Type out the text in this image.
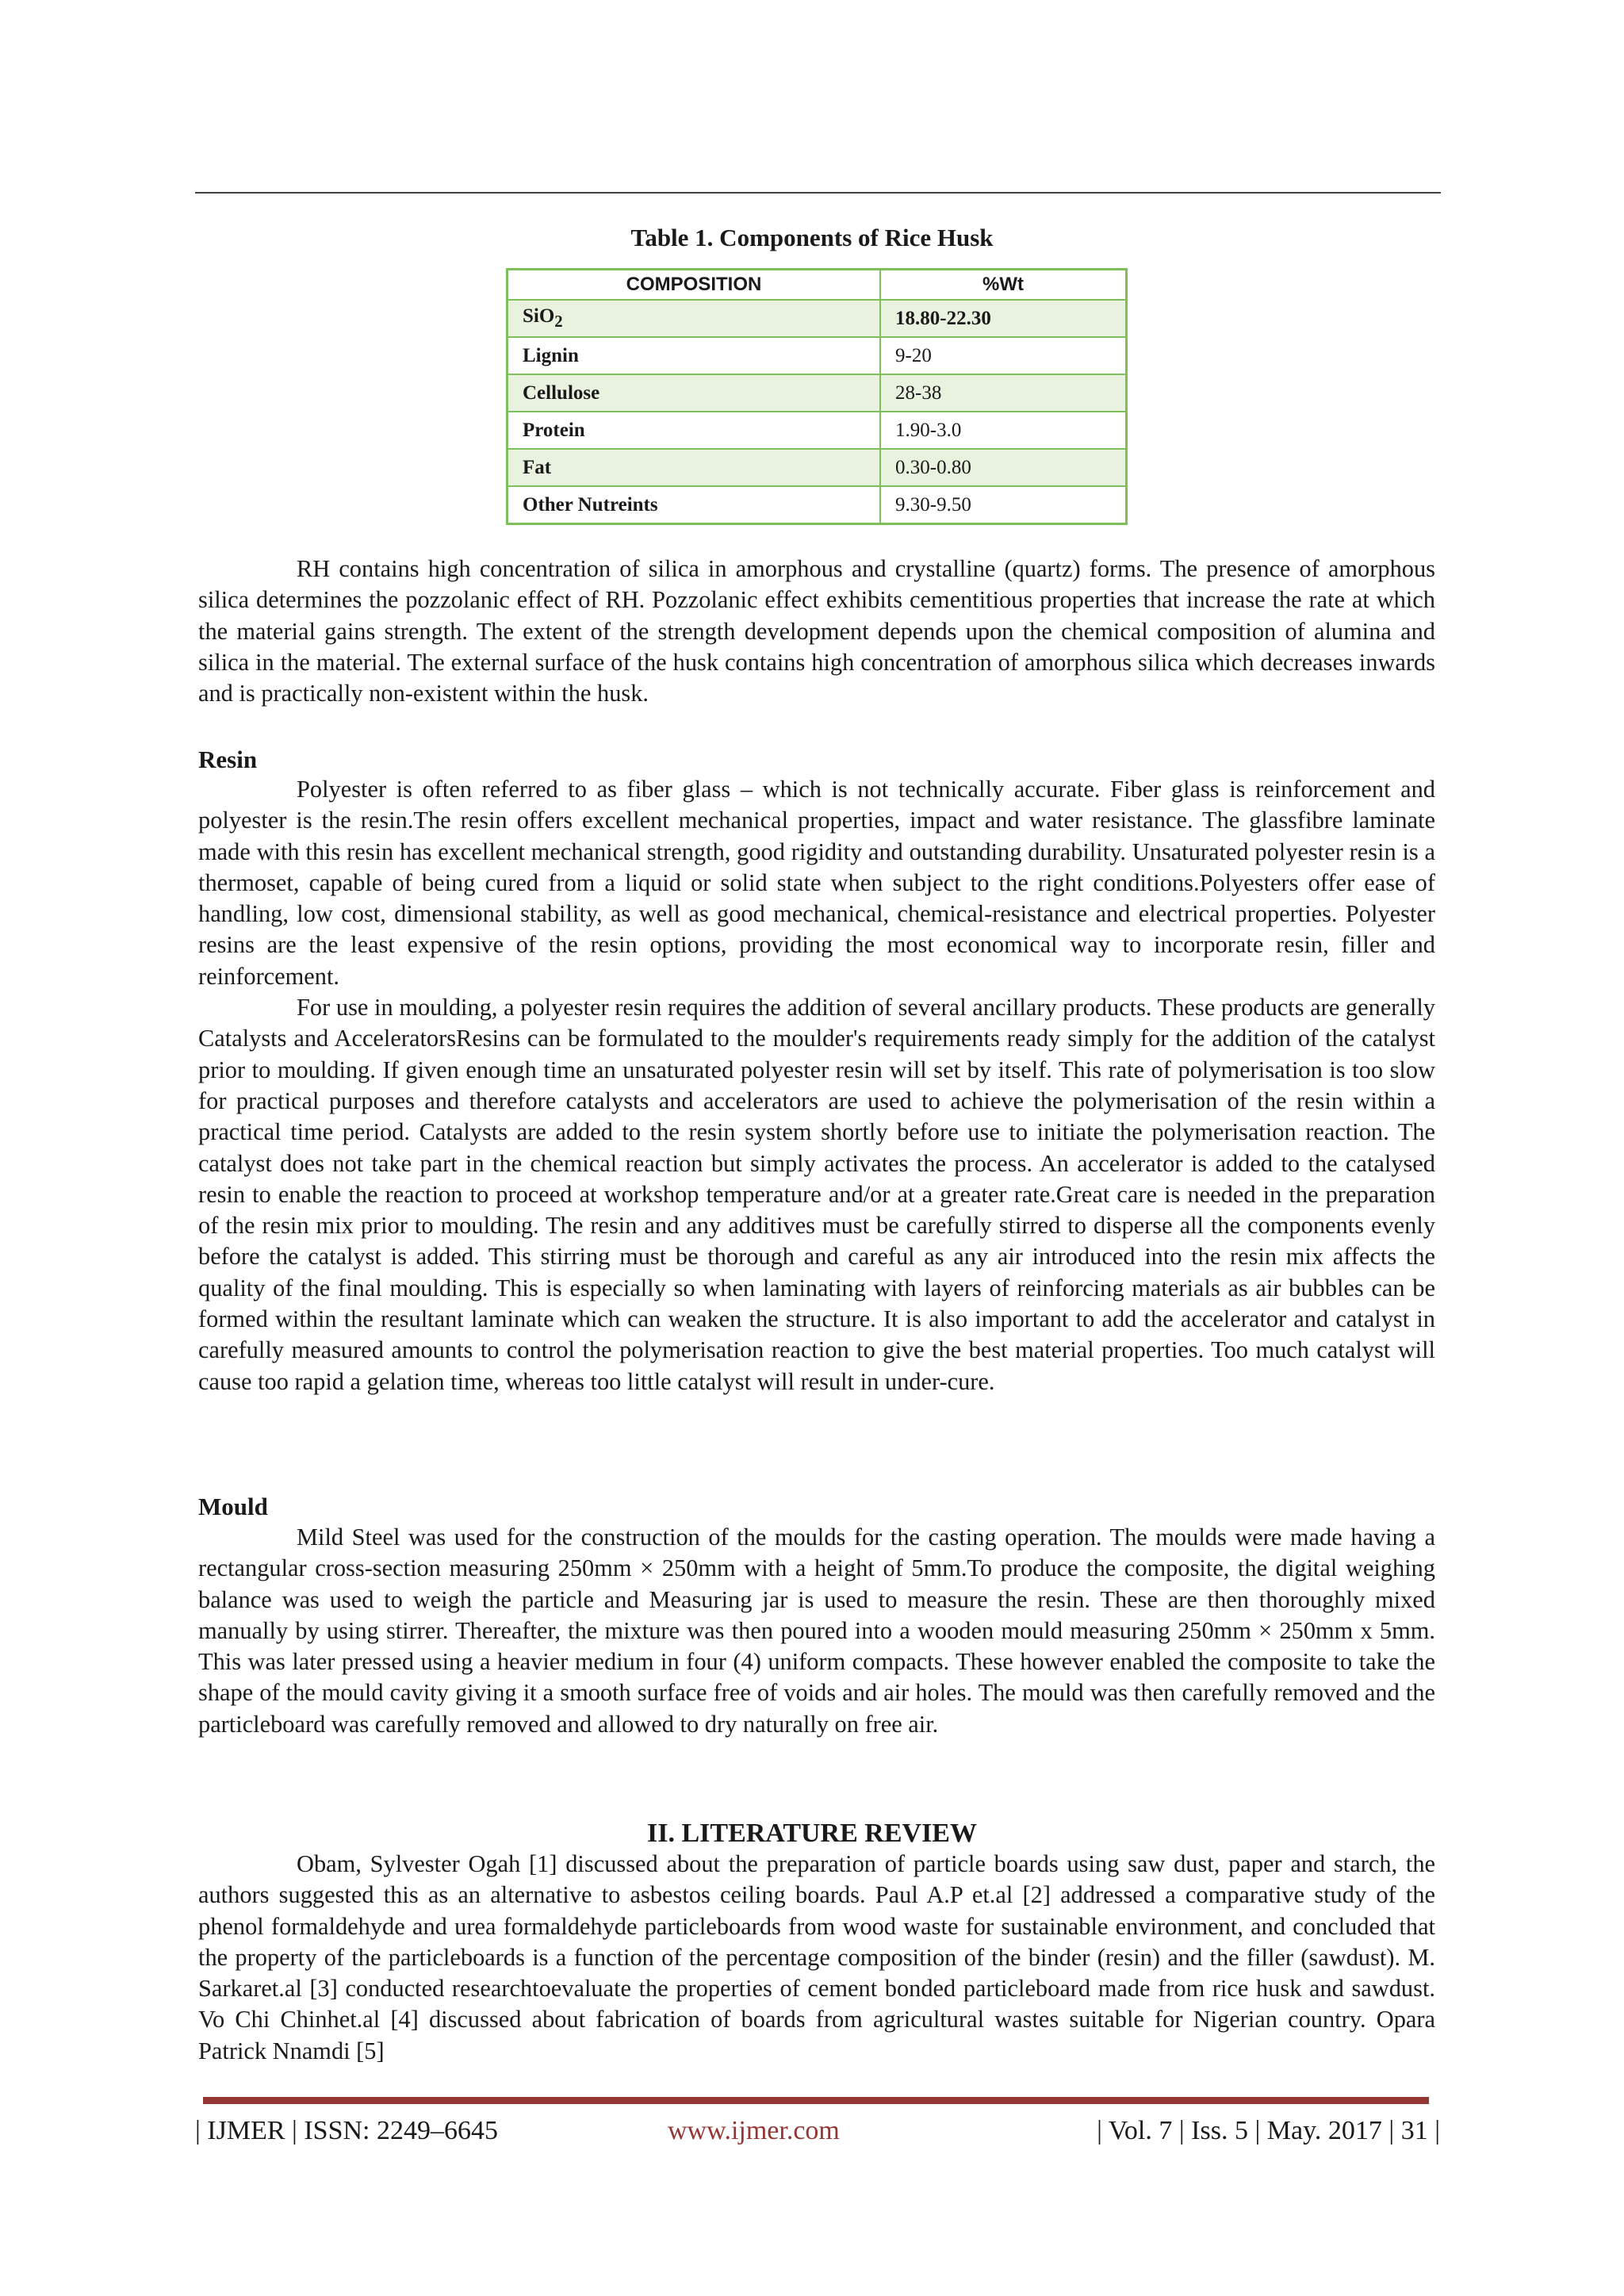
Table 1. Components of Rice Husk
COMPOSITION	%Wt
SiO$_2$	18.80-22.30
Lignin	9-20
Cellulose	28-38
Protein	1.90-3.0
Fat	0.30-0.80
Other Nutreints	9.30-9.50

RH contains high concentration of silica in amorphous and crystalline (quartz) forms. The presence of amorphous silica determines the pozzolanic effect of RH. Pozzolanic effect exhibits cementitious properties that increase the rate at which the material gains strength. The extent of the strength development depends upon the chemical composition of alumina and silica in the material. The external surface of the husk contains high concentration of amorphous silica which decreases inwards and is practically non-existent within the husk.

Resin

Polyester is often referred to as fiber glass – which is not technically accurate. Fiber glass is reinforcement and polyester is the resin.The resin offers excellent mechanical properties, impact and water resistance. The glassfibre laminate made with this resin has excellent mechanical strength, good rigidity and outstanding durability. Unsaturated polyester resin is a thermoset, capable of being cured from a liquid or solid state when subject to the right conditions.Polyesters offer ease of handling, low cost, dimensional stability, as well as good mechanical, chemical-resistance and electrical properties. Polyester resins are the least expensive of the resin options, providing the most economical way to incorporate resin, filler and reinforcement.

For use in moulding, a polyester resin requires the addition of several ancillary products. These products are generally Catalysts and AcceleratorsResins can be formulated to the moulder's requirements ready simply for the addition of the catalyst prior to moulding. If given enough time an unsaturated polyester resin will set by itself. This rate of polymerisation is too slow for practical purposes and therefore catalysts and accelerators are used to achieve the polymerisation of the resin within a practical time period. Catalysts are added to the resin system shortly before use to initiate the polymerisation reaction. The catalyst does not take part in the chemical reaction but simply activates the process. An accelerator is added to the catalysed resin to enable the reaction to proceed at workshop temperature and/or at a greater rate.Great care is needed in the preparation of the resin mix prior to moulding. The resin and any additives must be carefully stirred to disperse all the components evenly before the catalyst is added. This stirring must be thorough and careful as any air introduced into the resin mix affects the quality of the final moulding. This is especially so when laminating with layers of reinforcing materials as air bubbles can be formed within the resultant laminate which can weaken the structure. It is also important to add the accelerator and catalyst in carefully measured amounts to control the polymerisation reaction to give the best material properties. Too much catalyst will cause too rapid a gelation time, whereas too little catalyst will result in under-cure.

Mould

Mild Steel was used for the construction of the moulds for the casting operation. The moulds were made having a rectangular cross-section measuring 250mm × 250mm with a height of 5mm.To produce the composite, the digital weighing balance was used to weigh the particle and Measuring jar is used to measure the resin. These are then thoroughly mixed manually by using stirrer. Thereafter, the mixture was then poured into a wooden mould measuring 250mm × 250mm x 5mm. This was later pressed using a heavier medium in four (4) uniform compacts. These however enabled the composite to take the shape of the mould cavity giving it a smooth surface free of voids and air holes. The mould was then carefully removed and the particleboard was carefully removed and allowed to dry naturally on free air.

II. LITERATURE REVIEW

Obam, Sylvester Ogah [1] discussed about the preparation of particle boards using saw dust, paper and starch, the authors suggested this as an alternative to asbestos ceiling boards. Paul A.P et.al [2] addressed a comparative study of the phenol formaldehyde and urea formaldehyde particleboards from wood waste for sustainable environment, and concluded that the property of the particleboards is a function of the percentage composition of the binder (resin) and the filler (sawdust). M. Sarkaret.al [3] conducted researchtoevaluate the properties of cement bonded particleboard made from rice husk and sawdust. Vo Chi Chinhet.al [4] discussed about fabrication of boards from agricultural wastes suitable for Nigerian country. Opara Patrick Nnamdi [5]

| IJMER | ISSN: 2249–6645	www.ijmer.com	| Vol. 7 | Iss. 5 | May. 2017 | 31 |
